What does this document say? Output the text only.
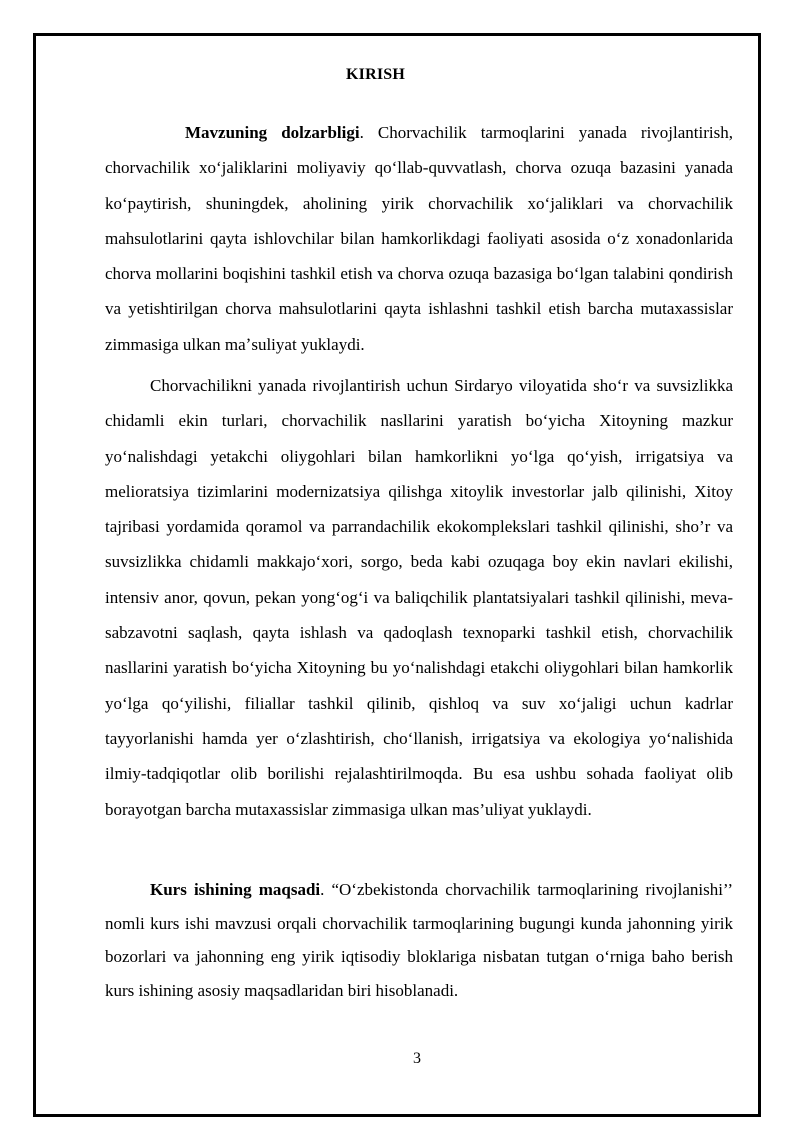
KIRISH

Mavzuning dolzarbligi. Chorvachilik tarmoqlarini yanada rivojlantirish, chorvachilik xoʻjaliklarini moliyaviy qoʻllab-quvvatlash, chorva ozuqa bazasini yanada koʻpaytirish, shuningdek, aholining yirik chorvachilik xoʻjaliklari va chorvachilik mahsulotlarini qayta ishlovchilar bilan hamkorlikdagi faoliyati asosida oʻz xonadonlarida chorva mollarini boqishini tashkil etish va chorva ozuqa bazasiga boʻlgan talabini qondirish va yetishtirilgan chorva mahsulotlarini qayta ishlashni tashkil etish barcha mutaxassislar zimmasiga ulkan maʼsuliyat yuklaydi.

Chorvachilikni yanada rivojlantirish uchun Sirdaryo viloyatida shoʻr va suvsizlikka chidamli ekin turlari, chorvachilik nasllarini yaratish boʻyicha Xitoyning mazkur yoʻnalishdagi yetakchi oliygohlari bilan hamkorlikni yoʻlga qoʻyish, irrigatsiya va melioratsiya tizimlarini modernizatsiya qilishga xitoylik investorlar jalb qilinishi, Xitoy tajribasi yordamida qoramol va parrandachilik ekokomplekslari tashkil qilinishi, sho’r va suvsizlikka chidamli makkajoʻxori, sorgo, beda kabi ozuqaga boy ekin navlari ekilishi, intensiv anor, qovun, pekan yongʻogʻi va baliqchilik plantatsiyalari tashkil qilinishi, meva-sabzavotni saqlash, qayta ishlash va qadoqlash texnoparki tashkil etish, chorvachilik nasllarini yaratish boʻyicha Xitoyning bu yoʻnalishdagi etakchi oliygohlari bilan hamkorlik yoʻlga qoʻyilishi, filiallar tashkil qilinib, qishloq va suv xoʻjaligi uchun kadrlar tayyorlanishi hamda yer oʻzlashtirish, choʻllanish, irrigatsiya va ekologiya yoʻnalishida ilmiy-tadqiqotlar olib borilishi rejalashtirilmoqda. Bu esa ushbu sohada faoliyat olib borayotgan barcha mutaxassislar zimmasiga ulkan mas’uliyat yuklaydi.

Kurs ishining maqsadi. “Oʻzbekistonda chorvachilik tarmoqlarining rivojlanishi’’ nomli kurs ishi mavzusi orqali chorvachilik tarmoqlarining bugungi kunda jahonning yirik bozorlari va jahonning eng yirik iqtisodiy bloklariga nisbatan tutgan oʻrniga baho berish kurs ishining asosiy maqsadlaridan biri hisoblanadi.

3
